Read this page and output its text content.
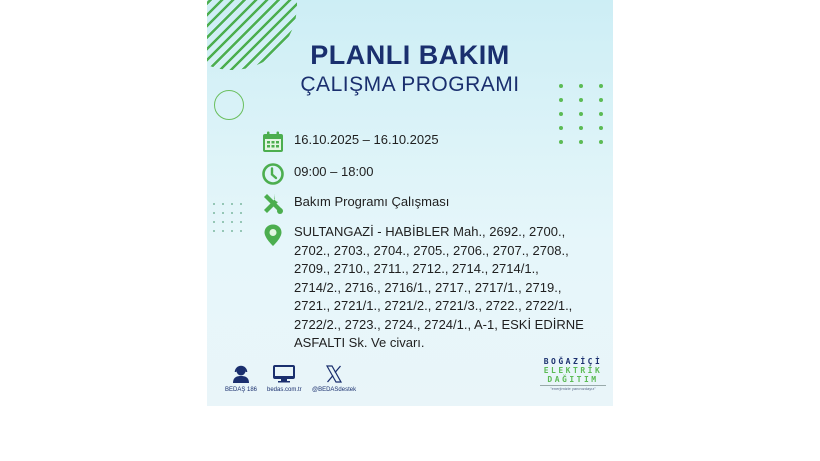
PLANLI BAKIM
ÇALIŞMA PROGRAMI
16.10.2025 – 16.10.2025
09:00 – 18:00
Bakım Programı Çalışması
SULTANGAZİ - HABİBLER Mah., 2692., 2700., 2702., 2703., 2704., 2705., 2706., 2707., 2708., 2709., 2710., 2711., 2712., 2714., 2714/1., 2714/2., 2716., 2716/1., 2717., 2717/1., 2719., 2721., 2721/1., 2721/2., 2721/3., 2722., 2722/1., 2722/2., 2723., 2724., 2724/1., A-1, ESKİ EDİRNE ASFALTI Sk. Ve civarı.
BEDAŞ 186 bedas.com.tr @BEDASdestek
BOĞAZİÇİ
ELEKTRİK
DAĞITIM
"enerjimizle yanınızdayız"
